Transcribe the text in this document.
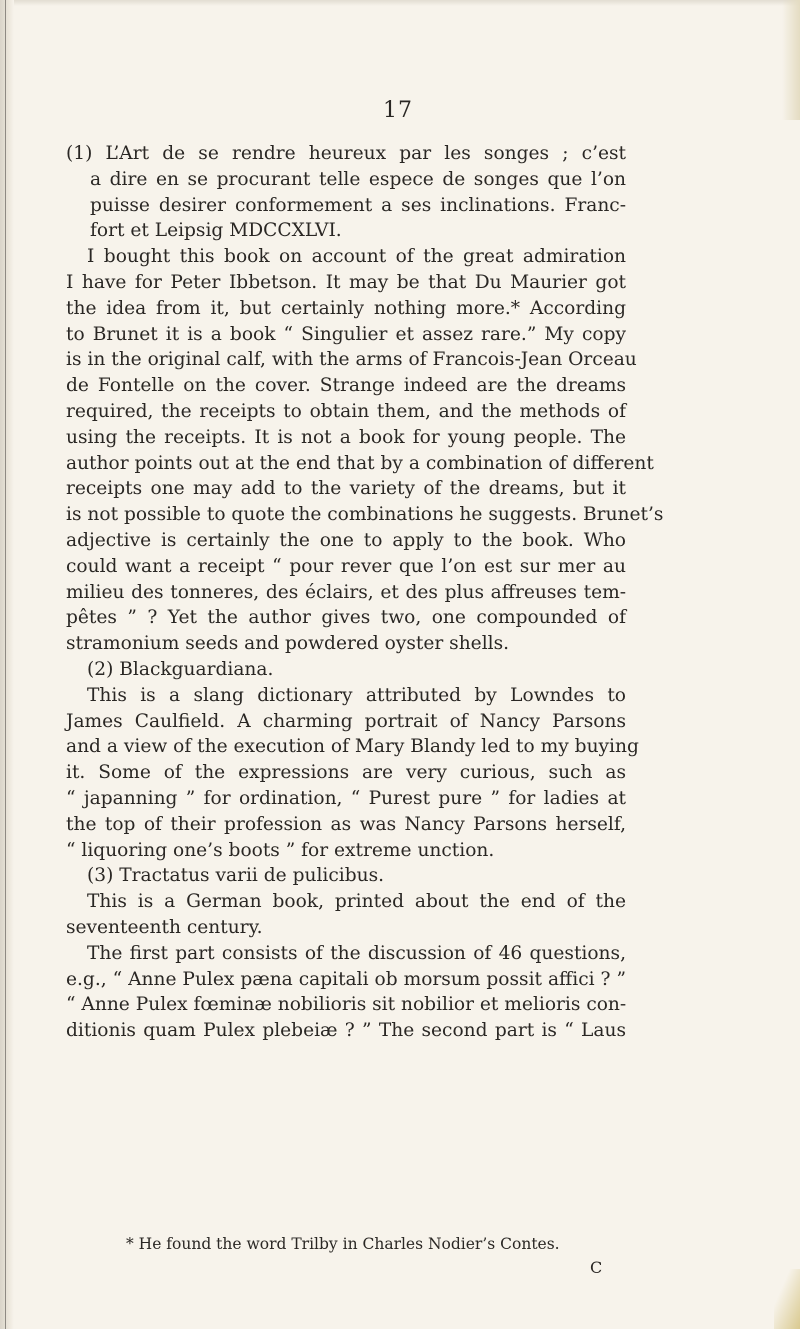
17
(1) L’Art de se rendre heureux par les songes ; c’est
a dire en se procurant telle espece de songes que l’on
puisse desirer conformement a ses inclinations. Franc-
fort et Leipsig MDCCXLVI.
I bought this book on account of the great admiration
I have for Peter Ibbetson. It may be that Du Maurier got
the idea from it, but certainly nothing more.* According
to Brunet it is a book “ Singulier et assez rare.” My copy
is in the original calf, with the arms of Francois-Jean Orceau
de Fontelle on the cover. Strange indeed are the dreams
required, the receipts to obtain them, and the methods of
using the receipts. It is not a book for young people. The
author points out at the end that by a combination of different
receipts one may add to the variety of the dreams, but it
is not possible to quote the combinations he suggests. Brunet’s
adjective is certainly the one to apply to the book. Who
could want a receipt “ pour rever que l’on est sur mer au
milieu des tonneres, des éclairs, et des plus affreuses tem-
pêtes ” ? Yet the author gives two, one compounded of
stramonium seeds and powdered oyster shells.
(2) Blackguardiana.
This is a slang dictionary attributed by Lowndes to
James Caulfield. A charming portrait of Nancy Parsons
and a view of the execution of Mary Blandy led to my buying
it. Some of the expressions are very curious, such as
“ japanning ” for ordination, “ Purest pure ” for ladies at
the top of their profession as was Nancy Parsons herself,
“ liquoring one’s boots ” for extreme unction.
(3) Tractatus varii de pulicibus.
This is a German book, printed about the end of the
seventeenth century.
The first part consists of the discussion of 46 questions,
e.g., “ Anne Pulex pæna capitali ob morsum possit affici ? ”
“ Anne Pulex fœminæ nobilioris sit nobilior et melioris con-
ditionis quam Pulex plebeiæ ? ” The second part is “ Laus
* He found the word Trilby in Charles Nodier’s Contes.
C
